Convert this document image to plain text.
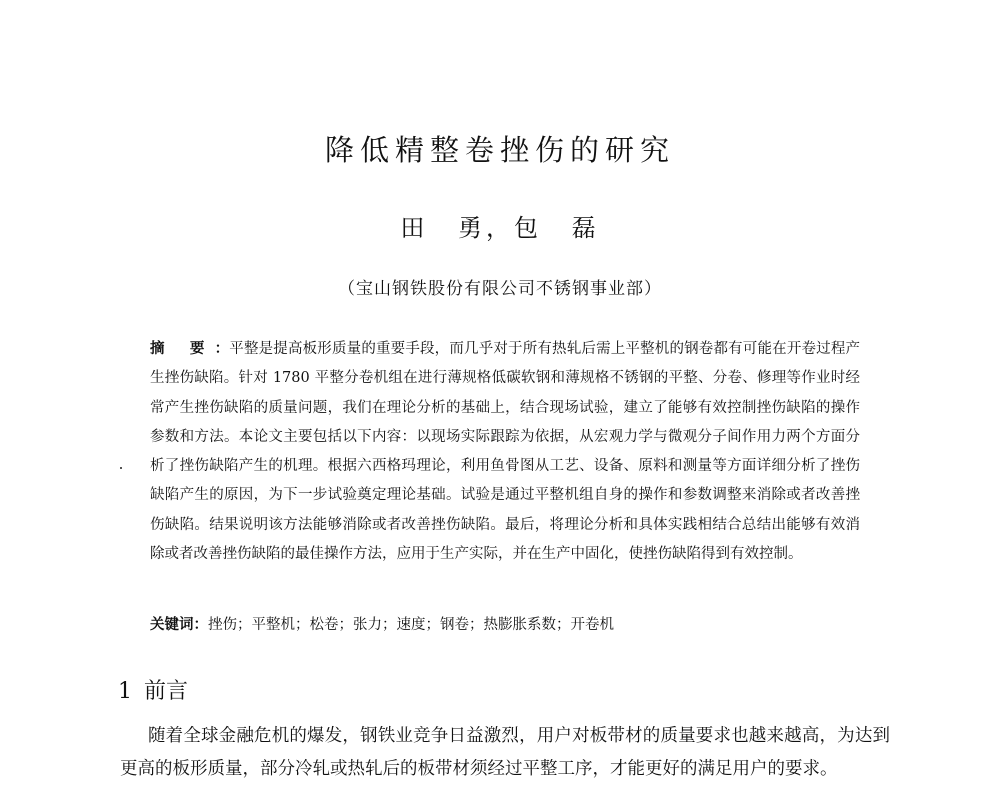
降低精整卷挫伤的研究
田 勇，包 磊
（宝山钢铁股份有限公司不锈钢事业部）
摘 要：平整是提高板形质量的重要手段，而几乎对于所有热轧后需上平整机的钢卷都有可能在开卷过程产生挫伤缺陷。针对 1780 平整分卷机组在进行薄规格低碳软钢和薄规格不锈钢的平整、分卷、修理等作业时经常产生挫伤缺陷的质量问题，我们在理论分析的基础上，结合现场试验，建立了能够有效控制挫伤缺陷的操作参数和方法。本论文主要包括以下内容：以现场实际跟踪为依据，从宏观力学与微观分子间作用力两个方面分析了挫伤缺陷产生的机理。根据六西格玛理论，利用鱼骨图从工艺、设备、原料和测量等方面详细分析了挫伤缺陷产生的原因，为下一步试验奠定理论基础。试验是通过平整机组自身的操作和参数调整来消除或者改善挫伤缺陷。结果说明该方法能够消除或者改善挫伤缺陷。最后，将理论分析和具体实践相结合总结出能够有效消除或者改善挫伤缺陷的最佳操作方法，应用于生产实际，并在生产中固化，使挫伤缺陷得到有效控制。
关键词：挫伤；平整机；松卷；张力；速度；钢卷；热膨胀系数；开卷机
1 前言

随着全球金融危机的爆发，钢铁业竞争日益激烈，用户对板带材的质量要求也越来越高，为达到更高的板形质量，部分冷轧或热轧后的板带材须经过平整工序，才能更好的满足用户的要求。
